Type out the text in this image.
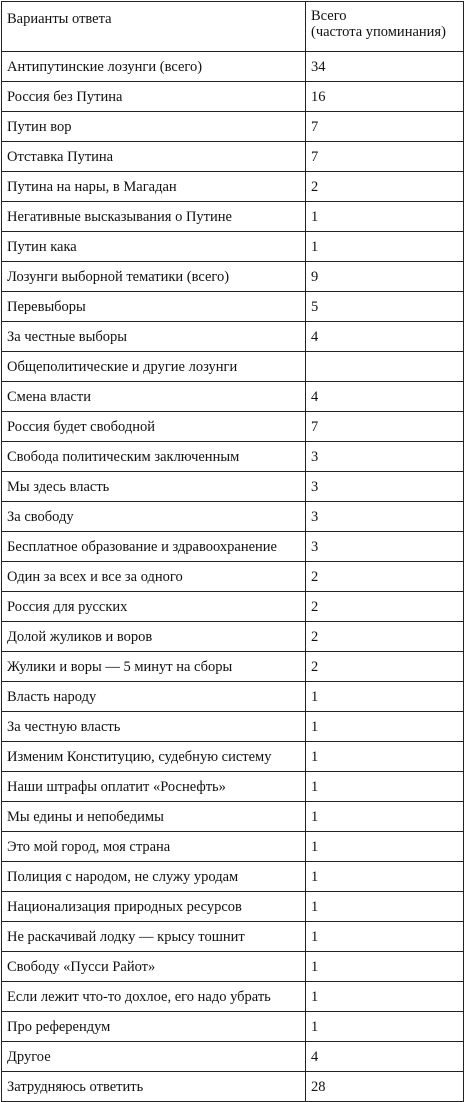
Варианты ответа	Всего
(частота упоминания)

Антипутинские лозунги (всего)	34
Россия без Путина	16
Путин вор	7
Отставка Путина	7
Путина на нары, в Магадан	2
Негативные высказывания о Путине	1
Путин кака	1
Лозунги выборной тематики (всего)	9
Перевыборы	5
За честные выборы	4
Общеполитические и другие лозунги	
Смена власти	4
Россия будет свободной	7
Свобода политическим заключенным	3
Мы здесь власть	3
За свободу	3
Бесплатное образование и здравоохранение	3
Один за всех и все за одного	2
Россия для русских	2
Долой жуликов и воров	2
Жулики и воры — 5 минут на сборы	2
Власть народу	1
За честную власть	1
Изменим Конституцию, судебную систему	1
Наши штрафы оплатит «Роснефть»	1
Мы едины и непобедимы	1
Это мой город, моя страна	1
Полиция с народом, не служу уродам	1
Национализация природных ресурсов	1
Не раскачивай лодку — крысу тошнит	1
Свободу «Пусси Райот»	1
Если лежит что-то дохлое, его надо убрать	1
Про референдум	1
Другое	4
Затрудняюсь ответить	28
